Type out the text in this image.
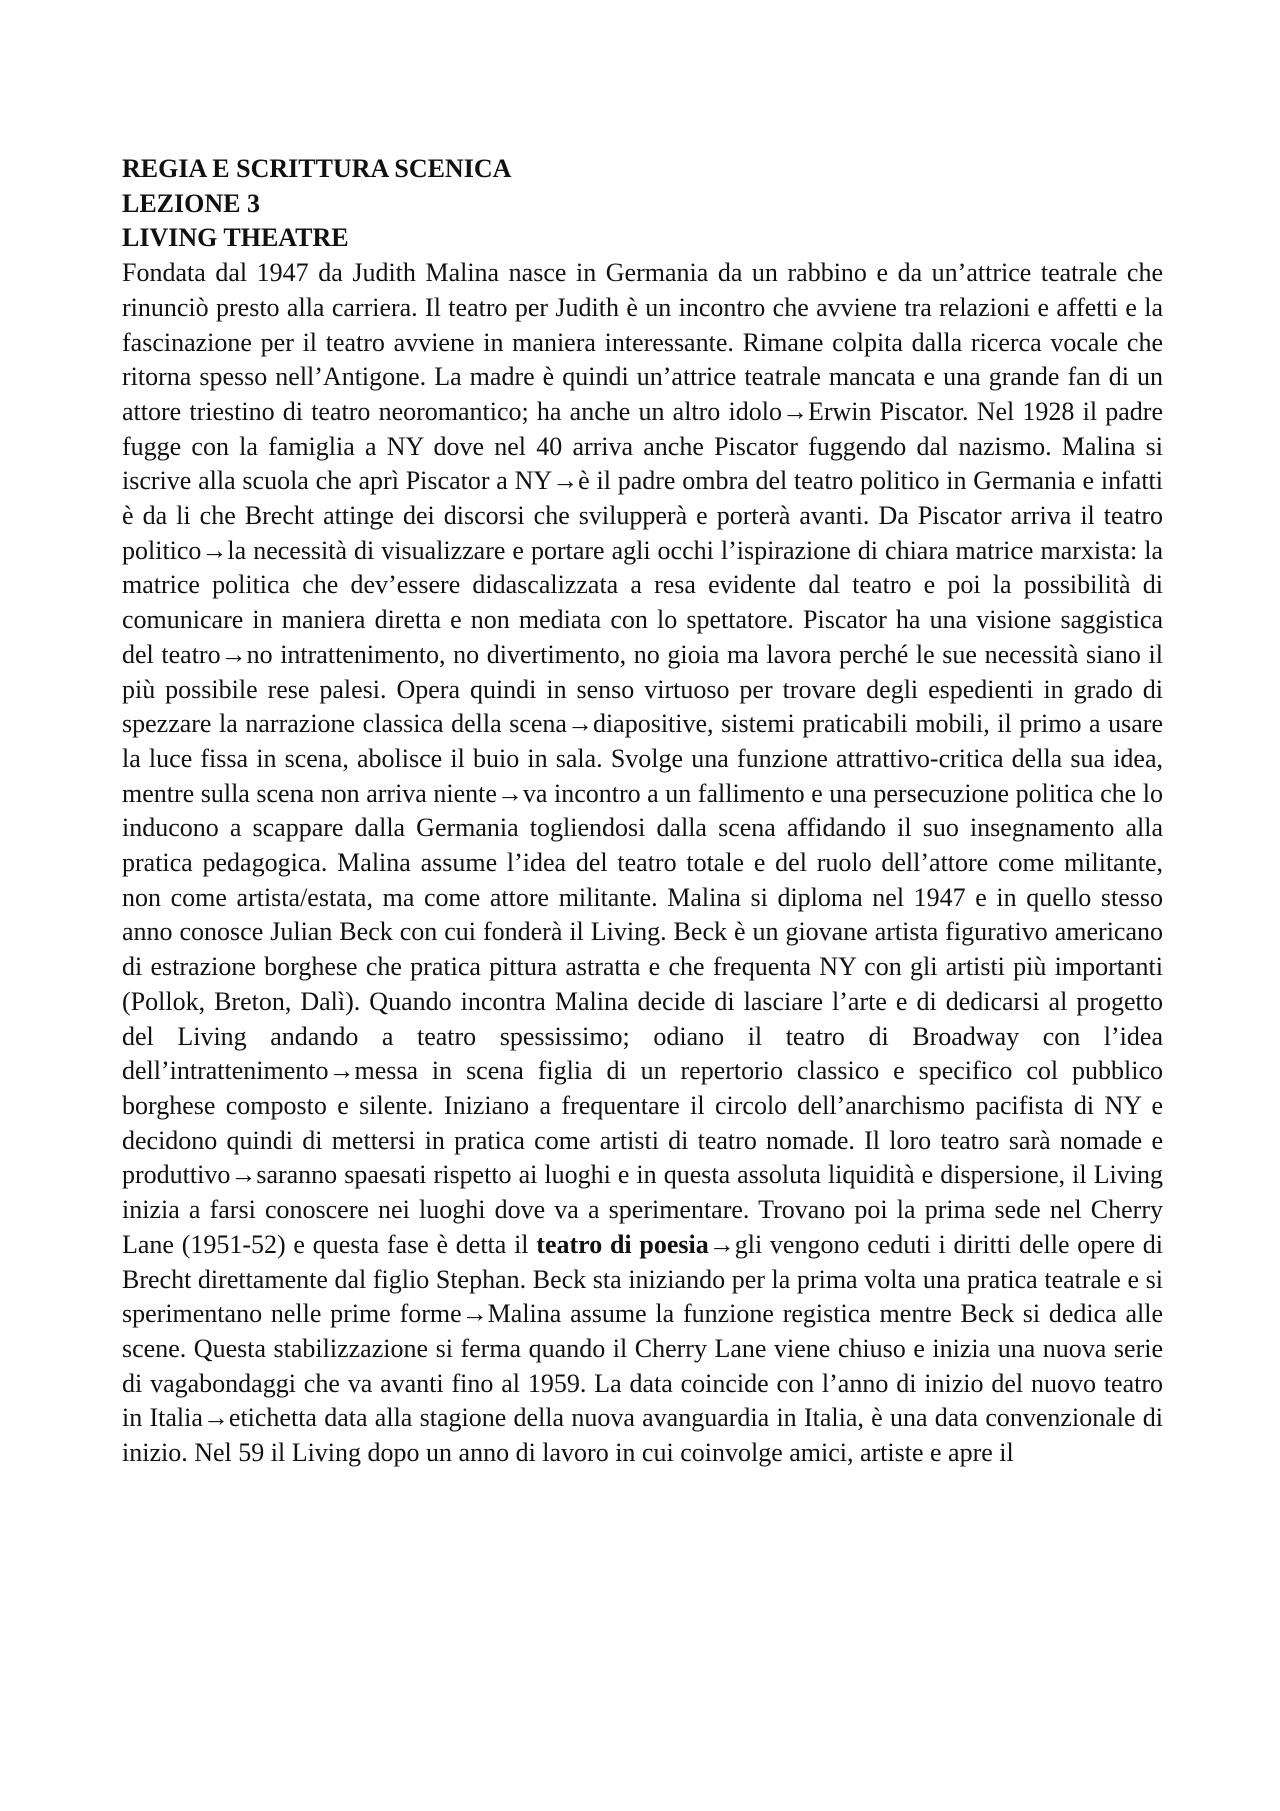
REGIA E SCRITTURA SCENICA
LEZIONE 3
LIVING THEATRE

Fondata dal 1947 da Judith Malina nasce in Germania da un rabbino e da un’attrice teatrale che rinunciò presto alla carriera. Il teatro per Judith è un incontro che avviene tra relazioni e affetti e la fascinazione per il teatro avviene in maniera interessante. Rimane colpita dalla ricerca vocale che ritorna spesso nell’Antigone. La madre è quindi un’attrice teatrale mancata e una grande fan di un attore triestino di teatro neoromantico; ha anche un altro idolo→Erwin Piscator. Nel 1928 il padre fugge con la famiglia a NY dove nel 40 arriva anche Piscator fuggendo dal nazismo. Malina si iscrive alla scuola che aprì Piscator a NY→è il padre ombra del teatro politico in Germania e infatti è da li che Brecht attinge dei discorsi che svilupperà e porterà avanti. Da Piscator arriva il teatro politico→la necessità di visualizzare e portare agli occhi l’ispirazione di chiara matrice marxista: la matrice politica che dev’essere didascalizzata a resa evidente dal teatro e poi la possibilità di comunicare in maniera diretta e non mediata con lo spettatore. Piscator ha una visione saggistica del teatro→no intrattenimento, no divertimento, no gioia ma lavora perché le sue necessità siano il più possibile rese palesi. Opera quindi in senso virtuoso per trovare degli espedienti in grado di spezzare la narrazione classica della scena→diapositive, sistemi praticabili mobili, il primo a usare la luce fissa in scena, abolisce il buio in sala. Svolge una funzione attrattivo-critica della sua idea, mentre sulla scena non arriva niente→va incontro a un fallimento e una persecuzione politica che lo inducono a scappare dalla Germania togliendosi dalla scena affidando il suo insegnamento alla pratica pedagogica. Malina assume l’idea del teatro totale e del ruolo dell’attore come militante, non come artista/estata, ma come attore militante. Malina si diploma nel 1947 e in quello stesso anno conosce Julian Beck con cui fonderà il Living. Beck è un giovane artista figurativo americano di estrazione borghese che pratica pittura astratta e che frequenta NY con gli artisti più importanti (Pollok, Breton, Dalì). Quando incontra Malina decide di lasciare l’arte e di dedicarsi al progetto del Living andando a teatro spessissimo; odiano il teatro di Broadway con l’idea dell’intrattenimento→messa in scena figlia di un repertorio classico e specifico col pubblico borghese composto e silente. Iniziano a frequentare il circolo dell’anarchismo pacifista di NY e decidono quindi di mettersi in pratica come artisti di teatro nomade. Il loro teatro sarà nomade e produttivo→saranno spaesati rispetto ai luoghi e in questa assoluta liquidità e dispersione, il Living inizia a farsi conoscere nei luoghi dove va a sperimentare. Trovano poi la prima sede nel Cherry Lane (1951-52) e questa fase è detta il teatro di poesia→gli vengono ceduti i diritti delle opere di Brecht direttamente dal figlio Stephan. Beck sta iniziando per la prima volta una pratica teatrale e si sperimentano nelle prime forme→Malina assume la funzione registica mentre Beck si dedica alle scene. Questa stabilizzazione si ferma quando il Cherry Lane viene chiuso e inizia una nuova serie di vagabondaggi che va avanti fino al 1959. La data coincide con l’anno di inizio del nuovo teatro in Italia→etichetta data alla stagione della nuova avanguardia in Italia, è una data convenzionale di inizio. Nel 59 il Living dopo un anno di lavoro in cui coinvolge amici, artiste e apre il
